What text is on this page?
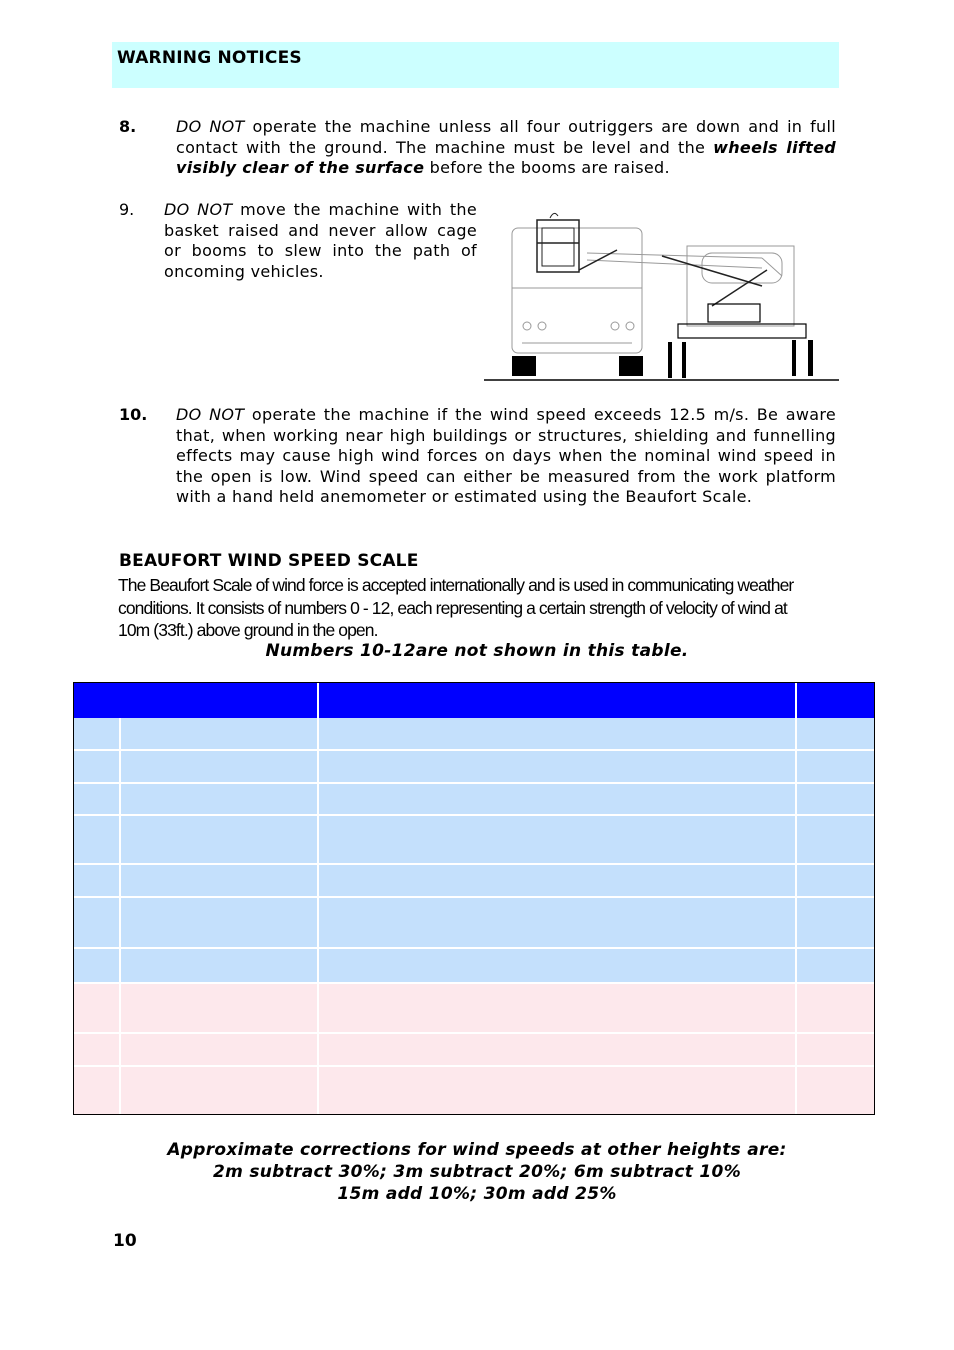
WARNING NOTICES
8. DO NOT operate the machine unless all four outriggers are down and in full contact with the ground. The machine must be level and the wheels lifted visibly clear of the surface before the booms are raised.
9. DO NOT move the machine with the basket raised and never allow cage or booms to slew into the path of oncoming vehicles.
10. DO NOT operate the machine if the wind speed exceeds 12.5 m/s. Be aware that, when working near high buildings or structures, shielding and funnelling effects may cause high wind forces on days when the nominal wind speed in the open is low. Wind speed can either be measured from the work platform with a hand held anemometer or estimated using the Beaufort Scale.
BEAUFORT WIND SPEED SCALE
The Beaufort Scale of wind force is accepted internationally and is used in communicating weather conditions. It consists of numbers 0 - 12, each representing a certain strength of velocity of wind at 10m (33ft.) above ground in the open.
Numbers 10-12are not shown in this table.
Approximate corrections for wind speeds at other heights are:
2m subtract 30%; 3m subtract 20%; 6m subtract 10%
15m add 10%; 30m add 25%
10
